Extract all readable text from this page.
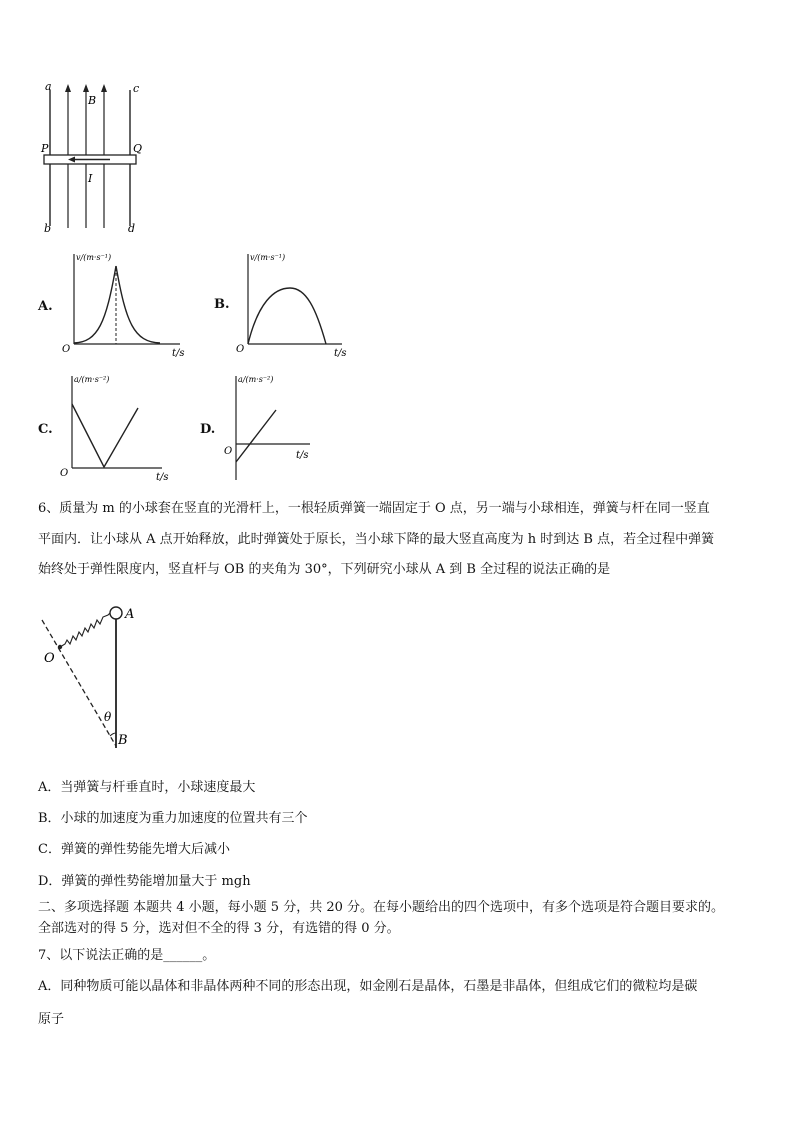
a
B
c
P	Q
I
b	d
A.
v/(m·s⁻¹)
O	t/s
B.
v/(m·s⁻¹)
O	t/s
C.
a/(m·s⁻²)
O	t/s
D.
a/(m·s⁻²)
O	t/s
6、质量为 m 的小球套在竖直的光滑杆上，一根轻质弹簧一端固定于 O 点，另一端与小球相连，弹簧与杆在同一竖直
平面内．让小球从 A 点开始释放，此时弹簧处于原长，当小球下降的最大竖直高度为 h 时到达 B 点，若全过程中弹簧
始终处于弹性限度内，竖直杆与 OB 的夹角为 30°，下列研究小球从 A 到 B 全过程的说法正确的是
A
O
θ
B
A．当弹簧与杆垂直时，小球速度最大
B．小球的加速度为重力加速度的位置共有三个
C．弹簧的弹性势能先增大后减小
D．弹簧的弹性势能增加量大于 mgh
二、多项选择题 本题共 4 小题，每小题 5 分，共 20 分。在每小题给出的四个选项中，有多个选项是符合题目要求的。
全部选对的得 5 分，选对但不全的得 3 分，有选错的得 0 分。
7、以下说法正确的是______。
A．同种物质可能以晶体和非晶体两种不同的形态出现，如金刚石是晶体，石墨是非晶体，但组成它们的微粒均是碳
原子
